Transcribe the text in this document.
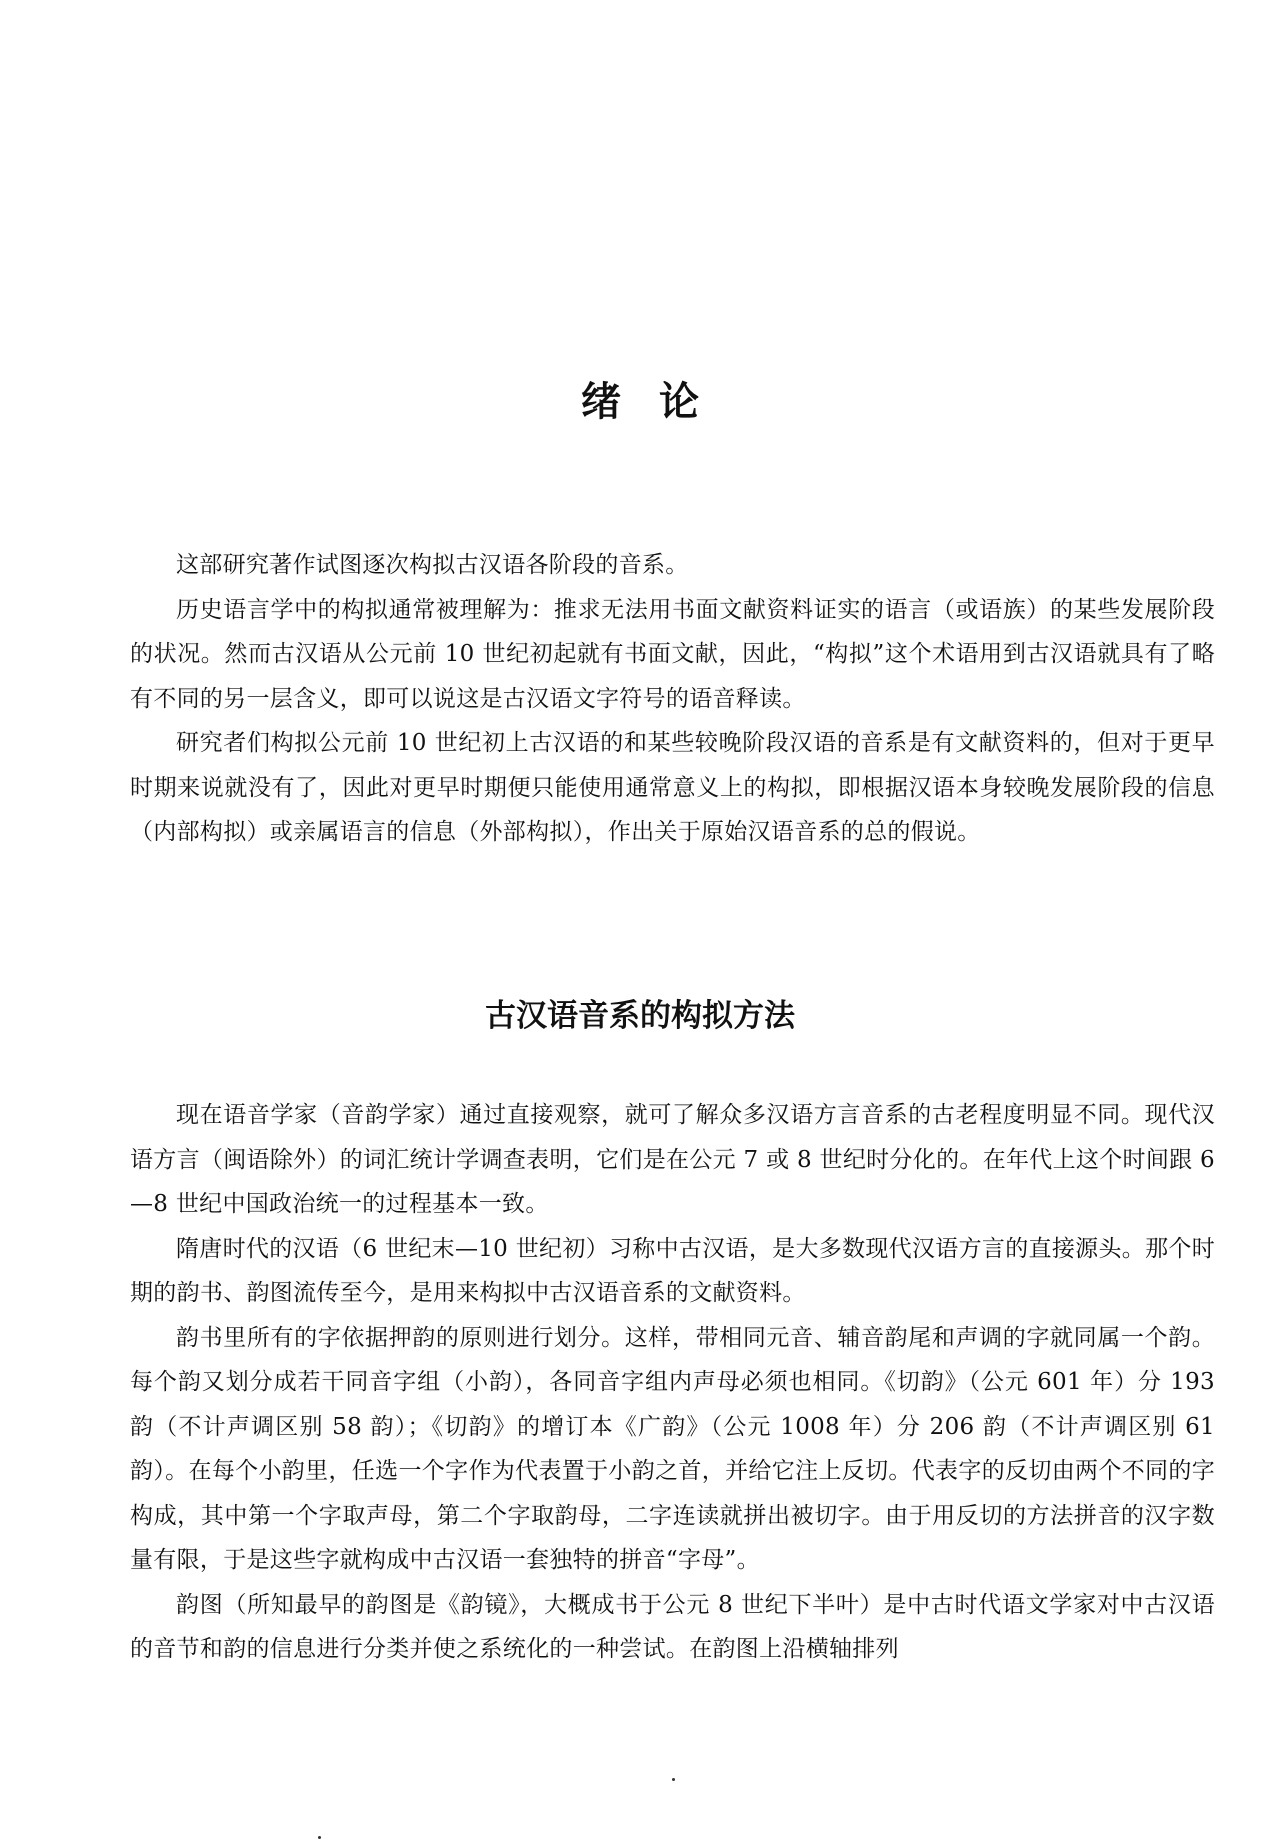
绪论

这部研究著作试图逐次构拟古汉语各阶段的音系。

历史语言学中的构拟通常被理解为：推求无法用书面文献资料证实的语言（或语族）的某些发展阶段的状况。然而古汉语从公元前 10 世纪初起就有书面文献，因此，“构拟”这个术语用到古汉语就具有了略有不同的另一层含义，即可以说这是古汉语文字符号的语音释读。

研究者们构拟公元前 10 世纪初上古汉语的和某些较晚阶段汉语的音系是有文献资料的，但对于更早时期来说就没有了，因此对更早时期便只能使用通常意义上的构拟，即根据汉语本身较晚发展阶段的信息（内部构拟）或亲属语言的信息（外部构拟），作出关于原始汉语音系的总的假说。

古汉语音系的构拟方法

现在语音学家（音韵学家）通过直接观察，就可了解众多汉语方言音系的古老程度明显不同。现代汉语方言（闽语除外）的词汇统计学调查表明，它们是在公元 7 或 8 世纪时分化的。在年代上这个时间跟 6—8 世纪中国政治统一的过程基本一致。

隋唐时代的汉语（6 世纪末—10 世纪初）习称中古汉语，是大多数现代汉语方言的直接源头。那个时期的韵书、韵图流传至今，是用来构拟中古汉语音系的文献资料。

韵书里所有的字依据押韵的原则进行划分。这样，带相同元音、辅音韵尾和声调的字就同属一个韵。每个韵又划分成若干同音字组（小韵），各同音字组内声母必须也相同。《切韵》（公元 601 年）分 193 韵（不计声调区别 58 韵）；《切韵》的增订本《广韵》（公元 1008 年）分 206 韵（不计声调区别 61 韵）。在每个小韵里，任选一个字作为代表置于小韵之首，并给它注上反切。代表字的反切由两个不同的字构成，其中第一个字取声母，第二个字取韵母，二字连读就拼出被切字。由于用反切的方法拼音的汉字数量有限，于是这些字就构成中古汉语一套独特的拼音“字母”。

韵图（所知最早的韵图是《韵镜》，大概成书于公元 8 世纪下半叶）是中古时代语文学家对中古汉语的音节和韵的信息进行分类并使之系统化的一种尝试。在韵图上沿横轴排列
